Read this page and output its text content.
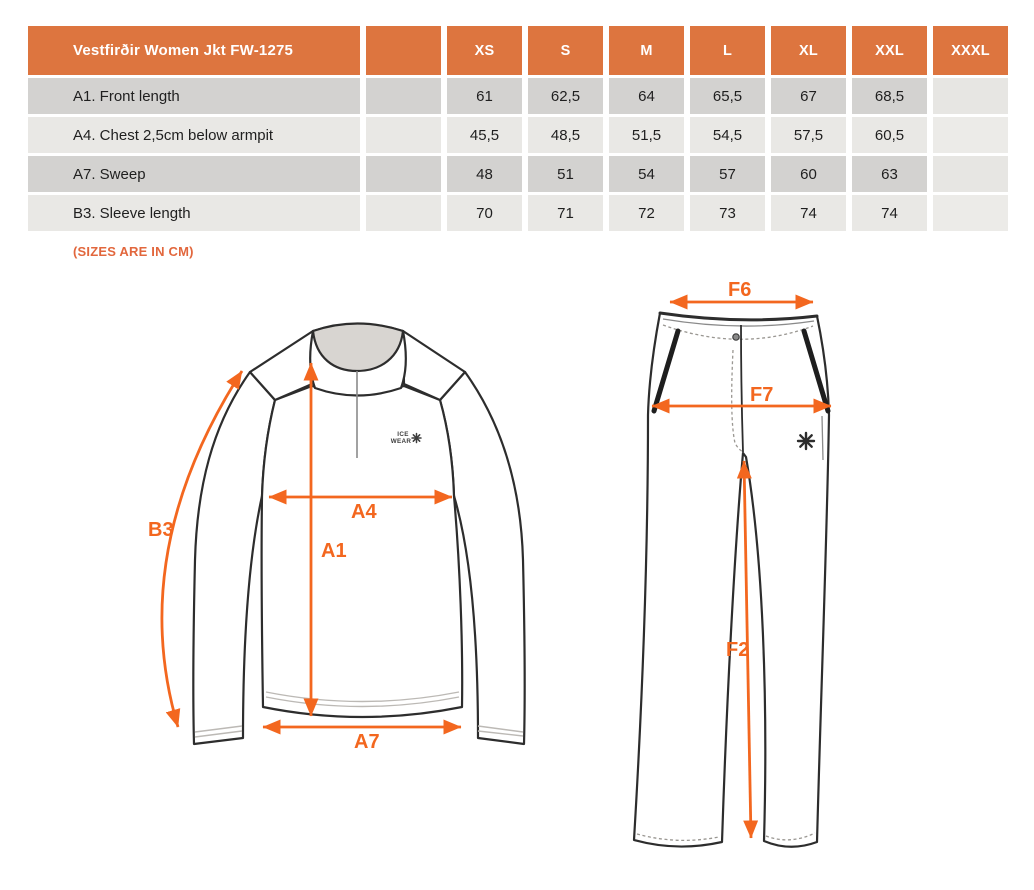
Vestfirðir Women Jkt FW-1275		XS	S	M	L	XL	XXL	XXXL
A1. Front length		61	62,5	64	65,5	67	68,5	
A4. Chest 2,5cm below armpit		45,5	48,5	51,5	54,5	57,5	60,5	
A7. Sweep		48	51	54	57	60	63	
B3. Sleeve length		70	71	72	73	74	74	
(SIZES ARE IN CM)
ICE
WEAR
B3
A1
A4
A7
F6
F7
F2
